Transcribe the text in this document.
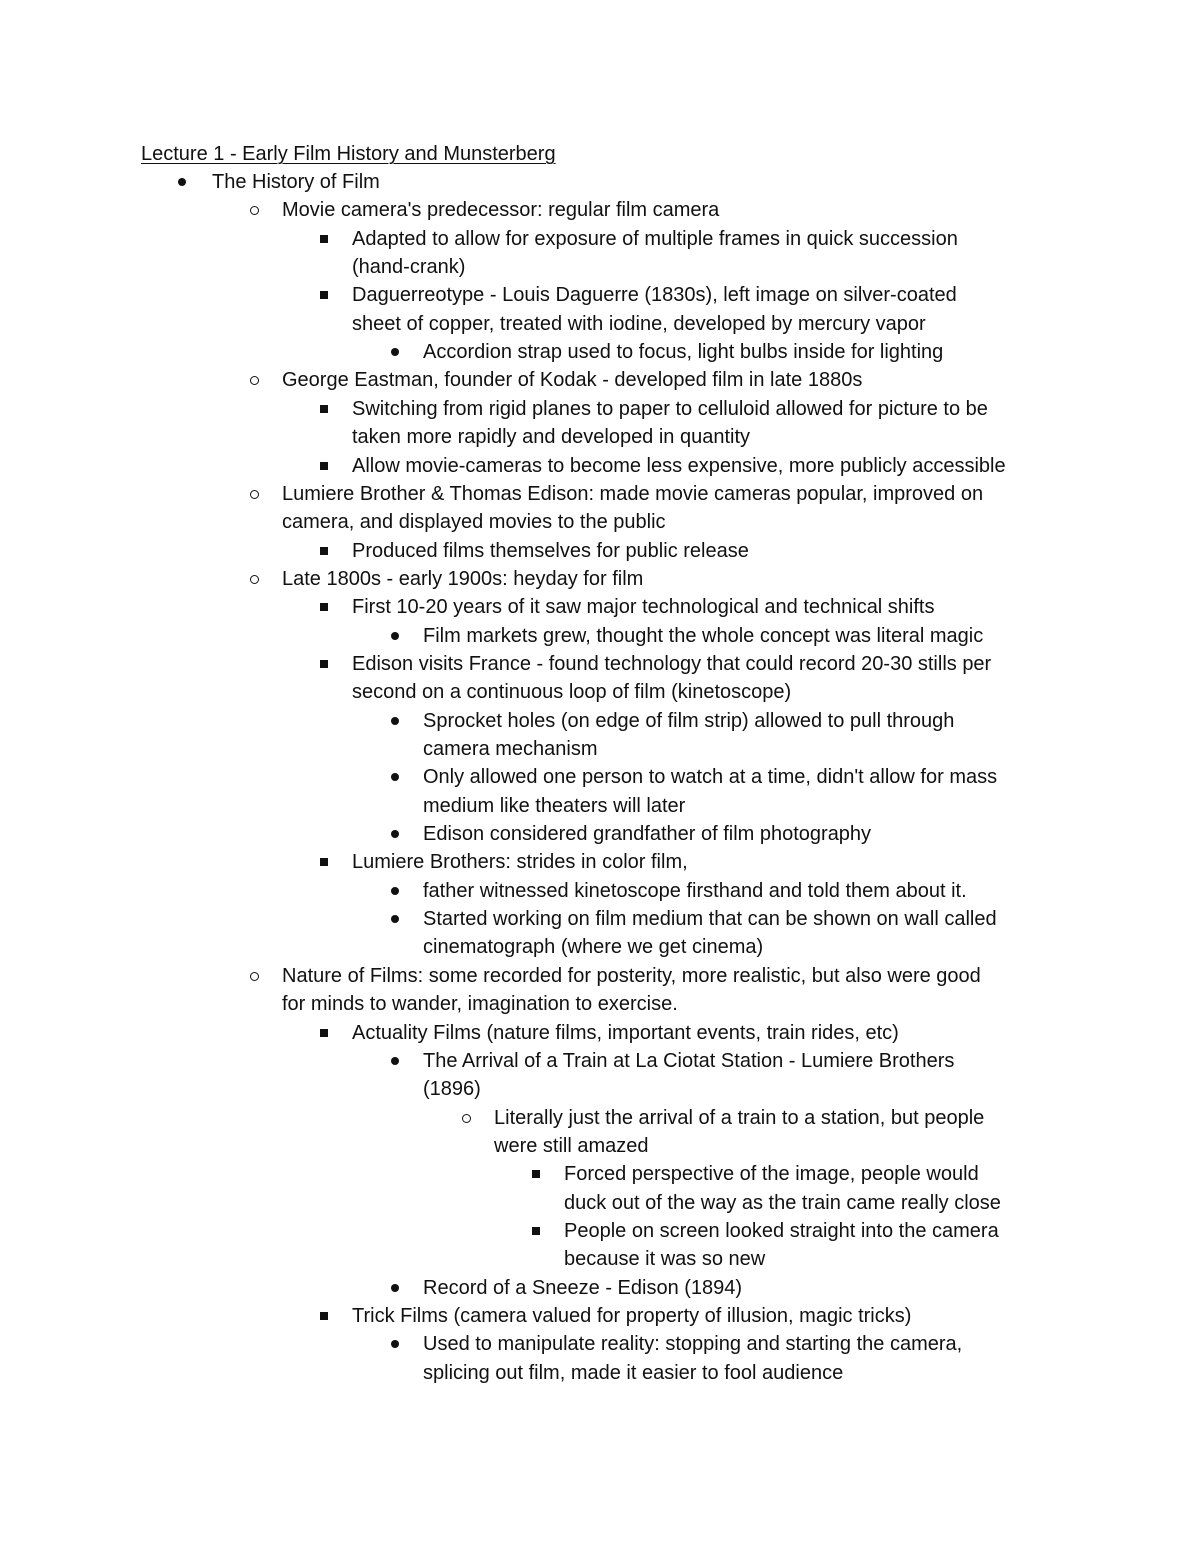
Lecture 1 - Early Film History and Munsterberg
The History of Film
Movie camera's predecessor: regular film camera
Adapted to allow for exposure of multiple frames in quick succession
(hand-crank)
Daguerreotype - Louis Daguerre (1830s), left image on silver-coated
sheet of copper, treated with iodine, developed by mercury vapor
Accordion strap used to focus, light bulbs inside for lighting
George Eastman, founder of Kodak - developed film in late 1880s
Switching from rigid planes to paper to celluloid allowed for picture to be
taken more rapidly and developed in quantity
Allow movie-cameras to become less expensive, more publicly accessible
Lumiere Brother & Thomas Edison: made movie cameras popular, improved on
camera, and displayed movies to the public
Produced films themselves for public release
Late 1800s - early 1900s: heyday for film
First 10-20 years of it saw major technological and technical shifts
Film markets grew, thought the whole concept was literal magic
Edison visits France - found technology that could record 20-30 stills per
second on a continuous loop of film (kinetoscope)
Sprocket holes (on edge of film strip) allowed to pull through
camera mechanism
Only allowed one person to watch at a time, didn't allow for mass
medium like theaters will later
Edison considered grandfather of film photography
Lumiere Brothers: strides in color film,
father witnessed kinetoscope firsthand and told them about it.
Started working on film medium that can be shown on wall called
cinematograph (where we get cinema)
Nature of Films: some recorded for posterity, more realistic, but also were good
for minds to wander, imagination to exercise.
Actuality Films (nature films, important events, train rides, etc)
The Arrival of a Train at La Ciotat Station - Lumiere Brothers
(1896)
Literally just the arrival of a train to a station, but people
were still amazed
Forced perspective of the image, people would
duck out of the way as the train came really close
People on screen looked straight into the camera
because it was so new
Record of a Sneeze - Edison (1894)
Trick Films (camera valued for property of illusion, magic tricks)
Used to manipulate reality: stopping and starting the camera,
splicing out film, made it easier to fool audience
